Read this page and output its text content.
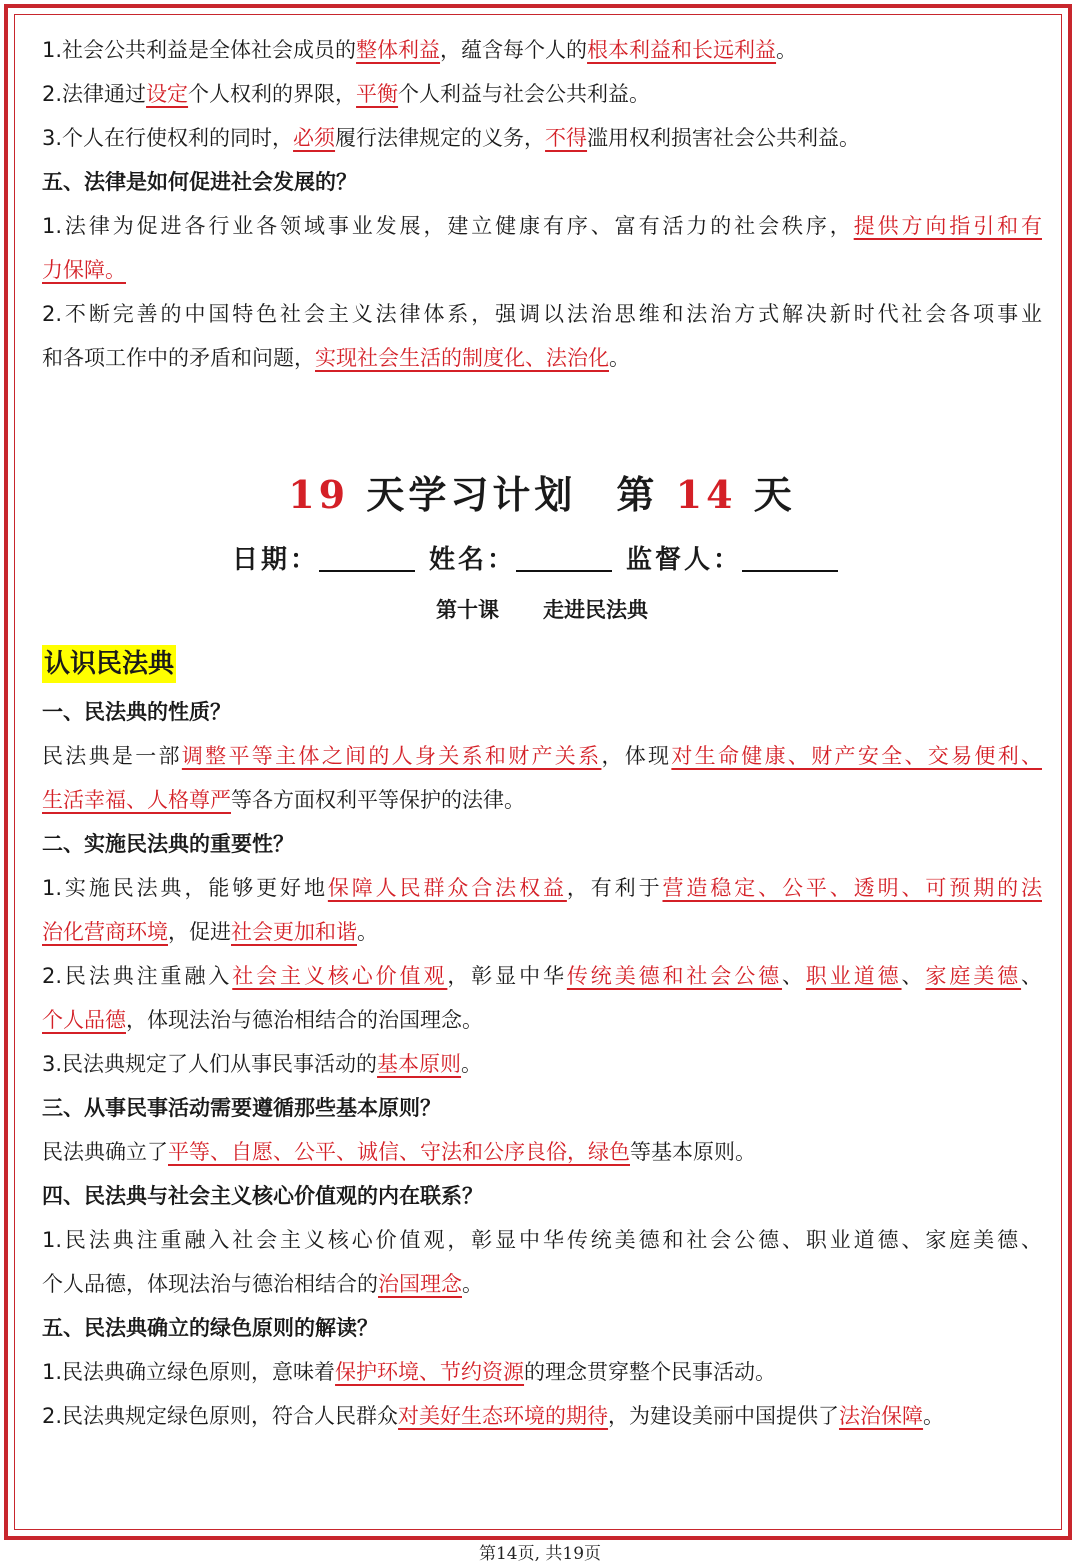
1.社会公共利益是全体社会成员的整体利益，蕴含每个人的根本利益和长远利益。
2.法律通过设定个人权利的界限，平衡个人利益与社会公共利益。
3.个人在行使权利的同时，必须履行法律规定的义务，不得滥用权利损害社会公共利益。
五、法律是如何促进社会发展的？
1.法律为促进各行业各领域事业发展，建立健康有序、富有活力的社会秩序，提供方向指引和有
力保障。
2.不断完善的中国特色社会主义法律体系，强调以法治思维和法治方式解决新时代社会各项事业
和各项工作中的矛盾和问题，实现社会生活的制度化、法治化。
19 天学习计划 第 14 天
日期：	姓名：	监督人：
第十课 走进民法典
认识民法典
一、民法典的性质？
民法典是一部调整平等主体之间的人身关系和财产关系，体现对生命健康、财产安全、交易便利、
生活幸福、人格尊严等各方面权利平等保护的法律。
二、实施民法典的重要性？
1.实施民法典，能够更好地保障人民群众合法权益，有利于营造稳定、公平、透明、可预期的法
治化营商环境，促进社会更加和谐。
2.民法典注重融入社会主义核心价值观，彰显中华传统美德和社会公德、职业道德、家庭美德、
个人品德，体现法治与德治相结合的治国理念。
3.民法典规定了人们从事民事活动的基本原则。
三、从事民事活动需要遵循那些基本原则？
民法典确立了平等、自愿、公平、诚信、守法和公序良俗，绿色等基本原则。
四、民法典与社会主义核心价值观的内在联系？
1.民法典注重融入社会主义核心价值观，彰显中华传统美德和社会公德、职业道德、家庭美德、
个人品德，体现法治与德治相结合的治国理念。
五、民法典确立的绿色原则的解读？
1.民法典确立绿色原则，意味着保护环境、节约资源的理念贯穿整个民事活动。
2.民法典规定绿色原则，符合人民群众对美好生态环境的期待，为建设美丽中国提供了法治保障。
第14页, 共19页
